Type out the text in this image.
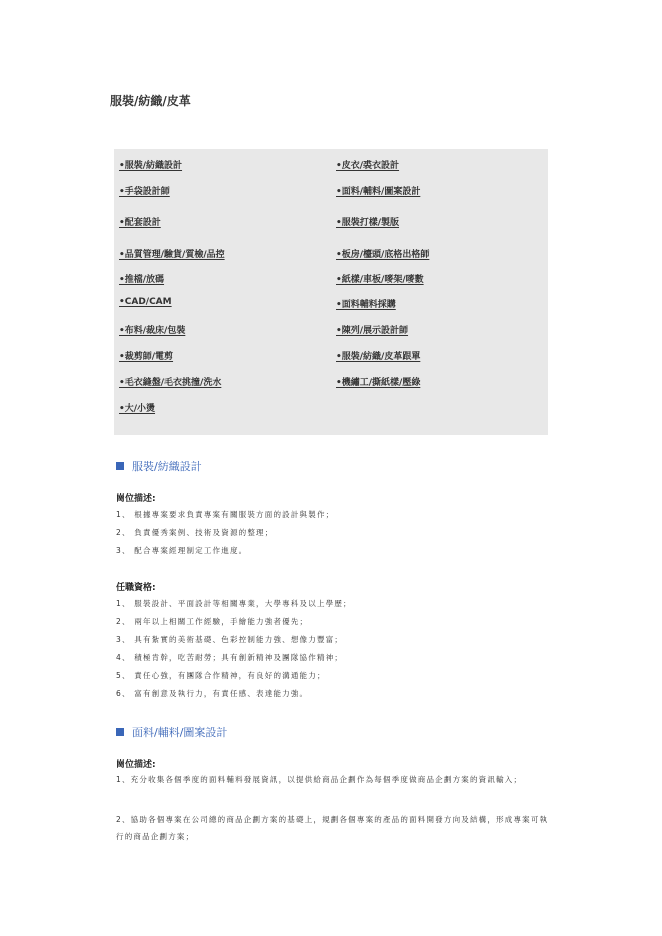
服裝/紡織/皮革
•服裝/紡織設計	•皮衣/裘衣設計
•手袋設計師	•面料/輔料/圖案設計
•配套設計	•服裝打樣/製版
•品質管理/驗貨/質檢/品控	•板房/檯頭/底格出格師
•推檔/放碼	•紙樣/車板/嘜架/嘜數
•CAD/CAM	•面料輔料採購
•布料/裁床/包裝	•陳列/展示設計師
•裁剪師/電剪	•服裝/紡織/皮革跟單
•毛衣縫盤/毛衣挑撞/洗水	•機繡工/撕紙樣/壓綠
•大/小燙
服裝/紡織設計
崗位描述:
1、 根據專案要求負責專案有關服裝方面的設計與製作；
2、 負責優秀案例、技術及資源的整理；
3、 配合專案經理制定工作進度。
任職資格:
1、 服裝設計、平面設計等相關專業，大學專科及以上學歷；
2、 兩年以上相關工作經驗，手繪能力強者優先；
3、 具有紮實的美術基礎、色彩控制能力強、想像力豐富；
4、 積極肯幹，吃苦耐勞；具有創新精神及團隊協作精神；
5、 責任心強，有團隊合作精神，有良好的溝通能力；
6、 富有創意及執行力，有責任感、表達能力強。
面料/輔料/圖案設計
崗位描述:
1、充分收集各個季度的面料輔料發展資訊，以提供給商品企劃作為每個季度做商品企劃方案的資訊輸入；
2、協助各個專案在公司總的商品企劃方案的基礎上，規劃各個專案的產品的面料開發方向及結構，形成專案可執行的商品企劃方案；
